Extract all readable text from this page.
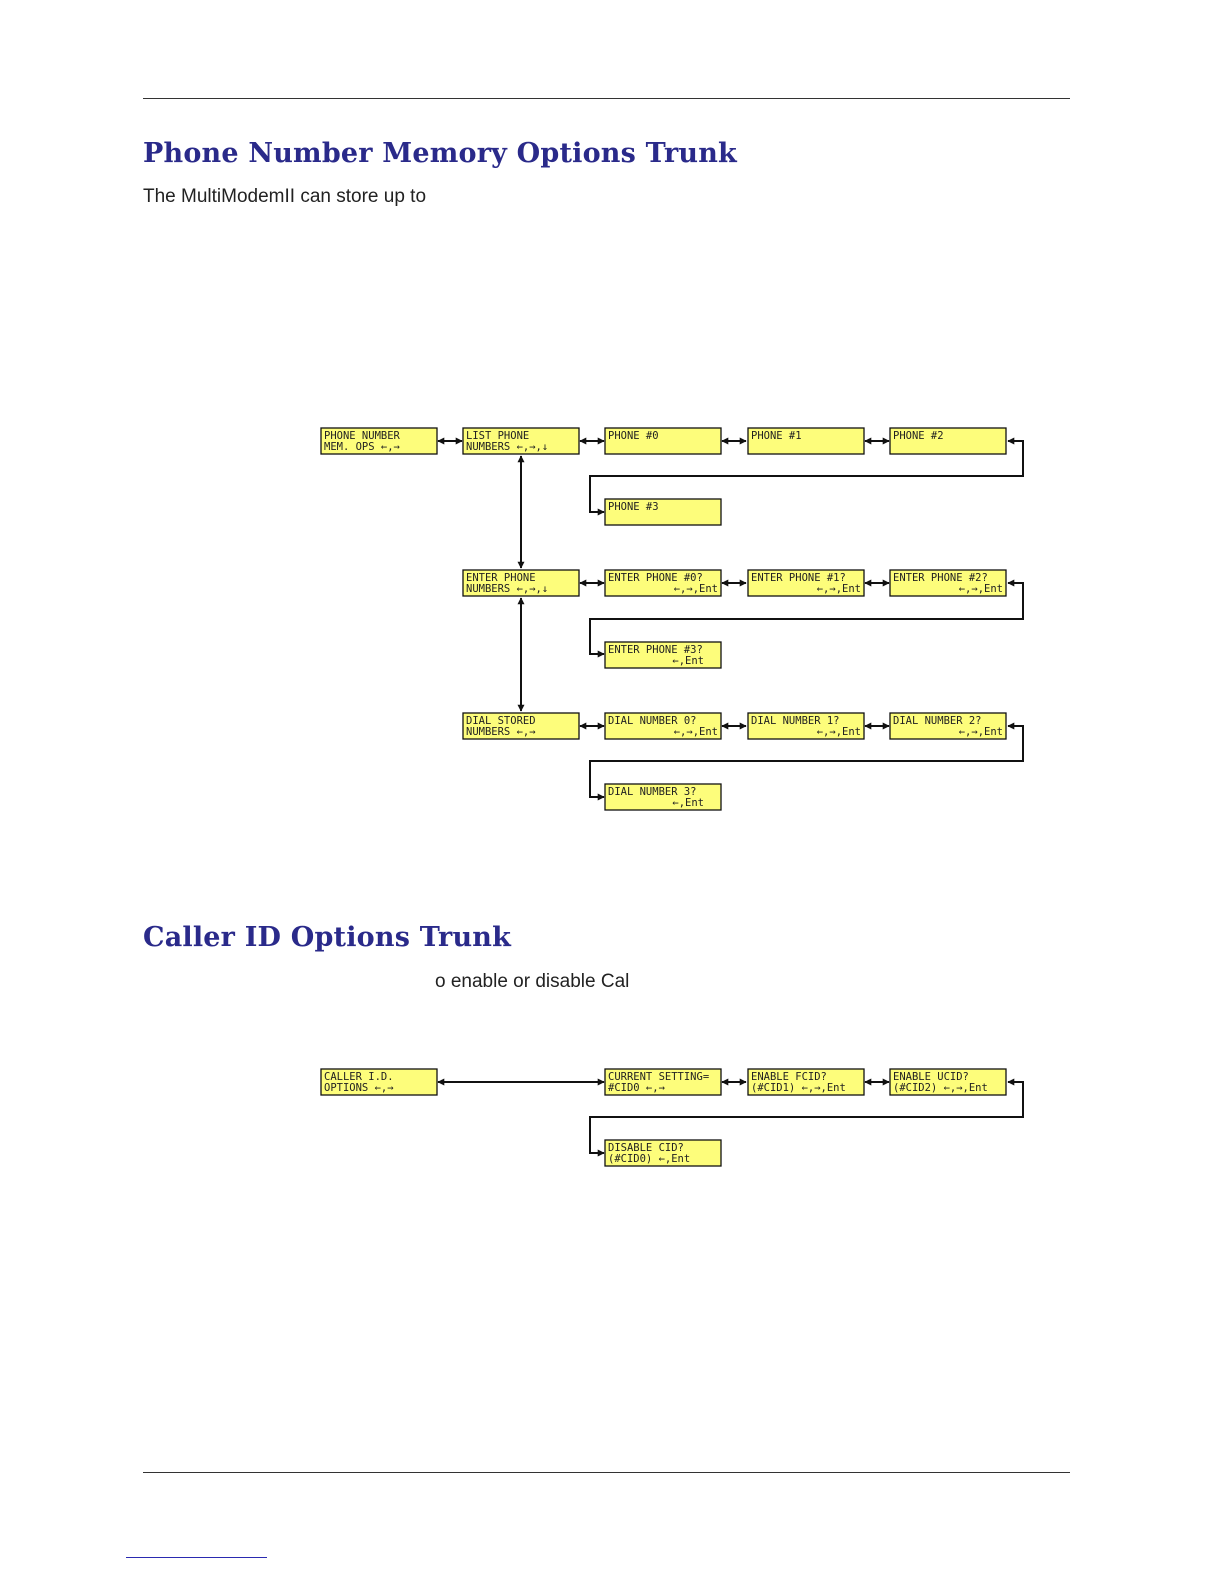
Phone Number Memory Options Trunk

The MultiModemII can store up to

Caller ID Options Trunk

o enable or disable Cal

PHONE NUMBER
MEM. OPS ←,→
LIST PHONE
NUMBERS ←,→,↓
PHONE #0	PHONE #1	PHONE #2
PHONE #3
ENTER PHONE
NUMBERS ←,→,↓
ENTER PHONE #0?
←,→,Ent
ENTER PHONE #1?
←,→,Ent
ENTER PHONE #2?
←,→,Ent
ENTER PHONE #3?
←,Ent
DIAL STORED
NUMBERS ←,→
DIAL NUMBER 0?
←,→,Ent
DIAL NUMBER 1?
←,→,Ent
DIAL NUMBER 2?
←,→,Ent
DIAL NUMBER 3?
←,Ent
CALLER I.D.
OPTIONS ←,→
CURRENT SETTING=
#CID0 ←,→
ENABLE FCID?
(#CID1) ←,→,Ent
ENABLE UCID?
(#CID2) ←,→,Ent
DISABLE CID?
(#CID0) ←,Ent
